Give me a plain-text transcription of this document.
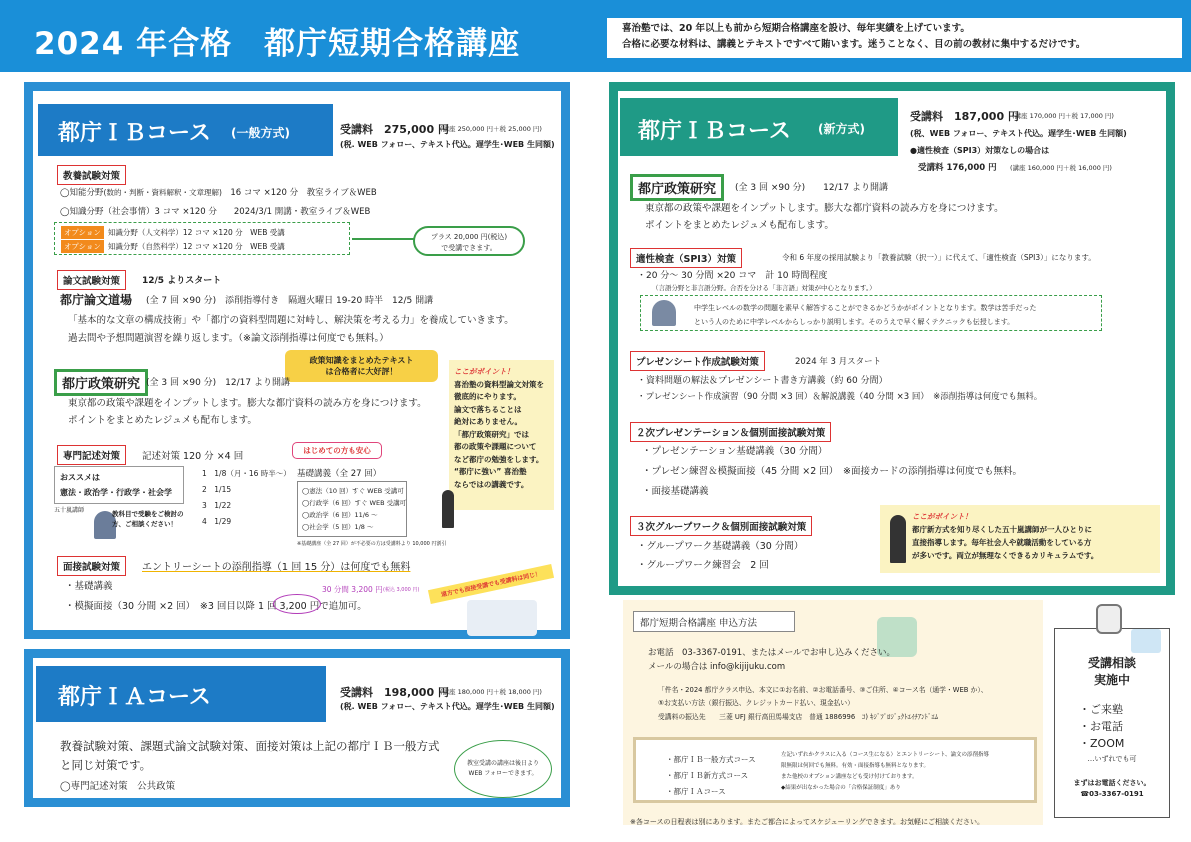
2024 年合格　都庁短期合格講座	喜治塾では、20 年以上も前から短期合格講座を設け、毎年実績を上げています。
合格に必要な材料は、講義とテキストですべて賄います。迷うことなく、目の前の教材に集中するだけです。
都庁ＩＢコース (一般方式)	受講料　275,000 円
(講座 250,000 円＋税 25,000 円)
(税. WEB フォロー、テキスト代込。遅学生･WEB 生同額)
教養試験対策
◯知能分野(数的・判断・資料解釈・文章理解)　 16 コマ ×120 分　教室ライブ＆WEB
◯知識分野（社会事情）3 コマ ×120 分　　2024/3/1 開講・教室ライブ＆WEB
オプション 知識分野（人文科学）12 コマ ×120 分　WEB 受講
オプション 知識分野（自然科学）12 コマ ×120 分　WEB 受講
プラス 20,000 円(税込)
で受講できます。
論文試験対策	12/5 よりスタート
都庁論文道場 (全 7 回 ×90 分)　添削指導付き　隔週火曜日 19-20 時半　12/5 開講
「基本的な文章の構成技術」や「都庁の資料型問題に対峙し、解決策を考える力」を養成していきます。
過去問や予想問題演習を繰り返します。（※論文添削指導は何度でも無料。）
政策知識をまとめたテキスト
は合格者に大好評！
都庁政策研究 (全 3 回 ×90 分)　12/17 より開講
東京都の政策や課題をインプットします。膨大な都庁資料の読み方を身につけます。
ポイントをまとめたレジュメも配布します。
ここがポイント！
喜治塾の資料型論文対策を
徹底的にやります。
論文で落ちることは
絶対にありません。
「都庁政策研究」では
都の政策や課題について
など都庁の勉強をします。
“都庁に強い” 喜治塾
ならではの講義です。
専門記述対策	記述対策 120 分 ×4 回
おススメは
憲法・政治学・行政学・社会学
五十嵐講師	教科目で受験をご検討の
方、ご相談ください！
1　1/8（月・16 時半〜）
2　1/15
3　1/22
4　1/29
はじめての方も安心
基礎講義（全 27 回）
◯憲法（10 回）すぐ WEB 受講可
◯行政学（6 回）すぐ WEB 受講可
◯政治学（6 回）11/6 〜
◯社会学（5 回）1/8 〜
※基礎講座（全 27 回）が不必要の方は受講料より 10,000 円割引
面接試験対策	エントリーシートの添削指導（1 回 15 分）は何度でも無料
・基礎講義
・模擬面接（30 分間 ×2 回）　※3 回目以降 1 回 3,200 円で追加可。
30 分間 3,200 円 (税込 3,000 円)	遠方でも面接受講でも受講料は同じ！
都庁ＩＡコース	受講料　198,000 円
(講座 180,000 円＋税 18,000 円)
(税. WEB フォロー、テキスト代込。遅学生･WEB 生同額)
教養試験対策、課題式論文試験対策、面接対策は上記の都庁ＩＢ一般方式
と同じ対策です。
◯専門記述対策　公共政策
教室受講の講座は後日より
WEB フォローできます。
都庁ＩＢコース (新方式)
受講料　187,000 円
(講座 170,000 円＋税 17,000 円)
(税、WEB フォロー、テキスト代込。遅学生･WEB 生同額)
●適性検査（SPI3）対策なしの場合は
受講料 176,000 円 (講座 160,000 円＋税 16,000 円)
都庁政策研究	(全 3 回 ×90 分)　　12/17 より開講
東京都の政策や課題をインプットします。膨大な都庁資料の読み方を身につけます。
ポイントをまとめたレジュメも配布します。
適性検査（SPI3）対策	令和 6 年度の採用試験より「教養試験（択一）」に代えて、「適性検査（SPI3）」になります。
・20 分〜 30 分間 ×20 コマ　計 10 時間程度
（言語分野と非言語分野。合否を分ける「非言語」対策が中心となります。）
中学生レベルの数学の問題を素早く解答することができるかどうかがポイントとなります。数学は苦手だった
という人のために中学レベルからしっかり説明します。そのうえで早く解くテクニックも伝授します。
プレゼンシート作成試験対策	2024 年 3 月スタート
・資料問題の解法＆プレゼンシート書き方講義（約 60 分間）
・プレゼンシート作成演習（90 分間 ×3 回）＆解説講義（40 分間 ×3 回）　※添削指導は何度でも無料。
２次プレゼンテーション＆個別面接試験対策
・プレゼンテーション基礎講義（30 分間）
・プレゼン練習＆模擬面接（45 分間 ×2 回）　※面接カードの添削指導は何度でも無料。
・面接基礎講義
３次グループワーク＆個別面接試験対策
・グループワーク基礎講義（30 分間）
・グループワーク練習会　2 回
ここがポイント！
都庁新方式を知り尽くした五十嵐講師が一人ひとりに
直接指導します。毎年社会人や就職活動をしている方
が多いです。両立が無理なくできるカリキュラムです。
都庁短期合格講座 申込方法
お電話　03-3367-0191、またはメールでお申し込みください。
メールの場合は info@kijijuku.com
「件名・2024 都庁クラス申込、本文に①お名前、②お電話番号、③ご住所、④コース名（通学・WEB か）、
⑤お支払い方法（銀行振込、クレジットカード払い、現金払い）
受講料の振込先　　三菱 UFJ 銀行高田馬場支店　普通 1886996　ｺ) ｷｼﾞﾌﾟﾛｼﾞｪｸﾄｴｲﾁｱﾝﾄﾞｴﾑ
・都庁ＩＢ一般方式コース
・都庁ＩＢ新方式コース
・都庁ＩＡコース
左記いずれかクラスに入る（コース生になる）とエントリーシート、論文の添削指導
限無限は何回でも無料。有効・面接指導も無料となります。
また他校のオプション講座なども受け付けております。
◆結果が出なかった場合の「合格保証制度」あり
※各コースの日程表は別にあります。またご都合によってスケジューリングできます。お気軽にご相談ください。
受講相談
実施中
・ご来塾
・お電話
・ZOOM
…いずれでも可
まずはお電話ください。
☎03-3367-0191
